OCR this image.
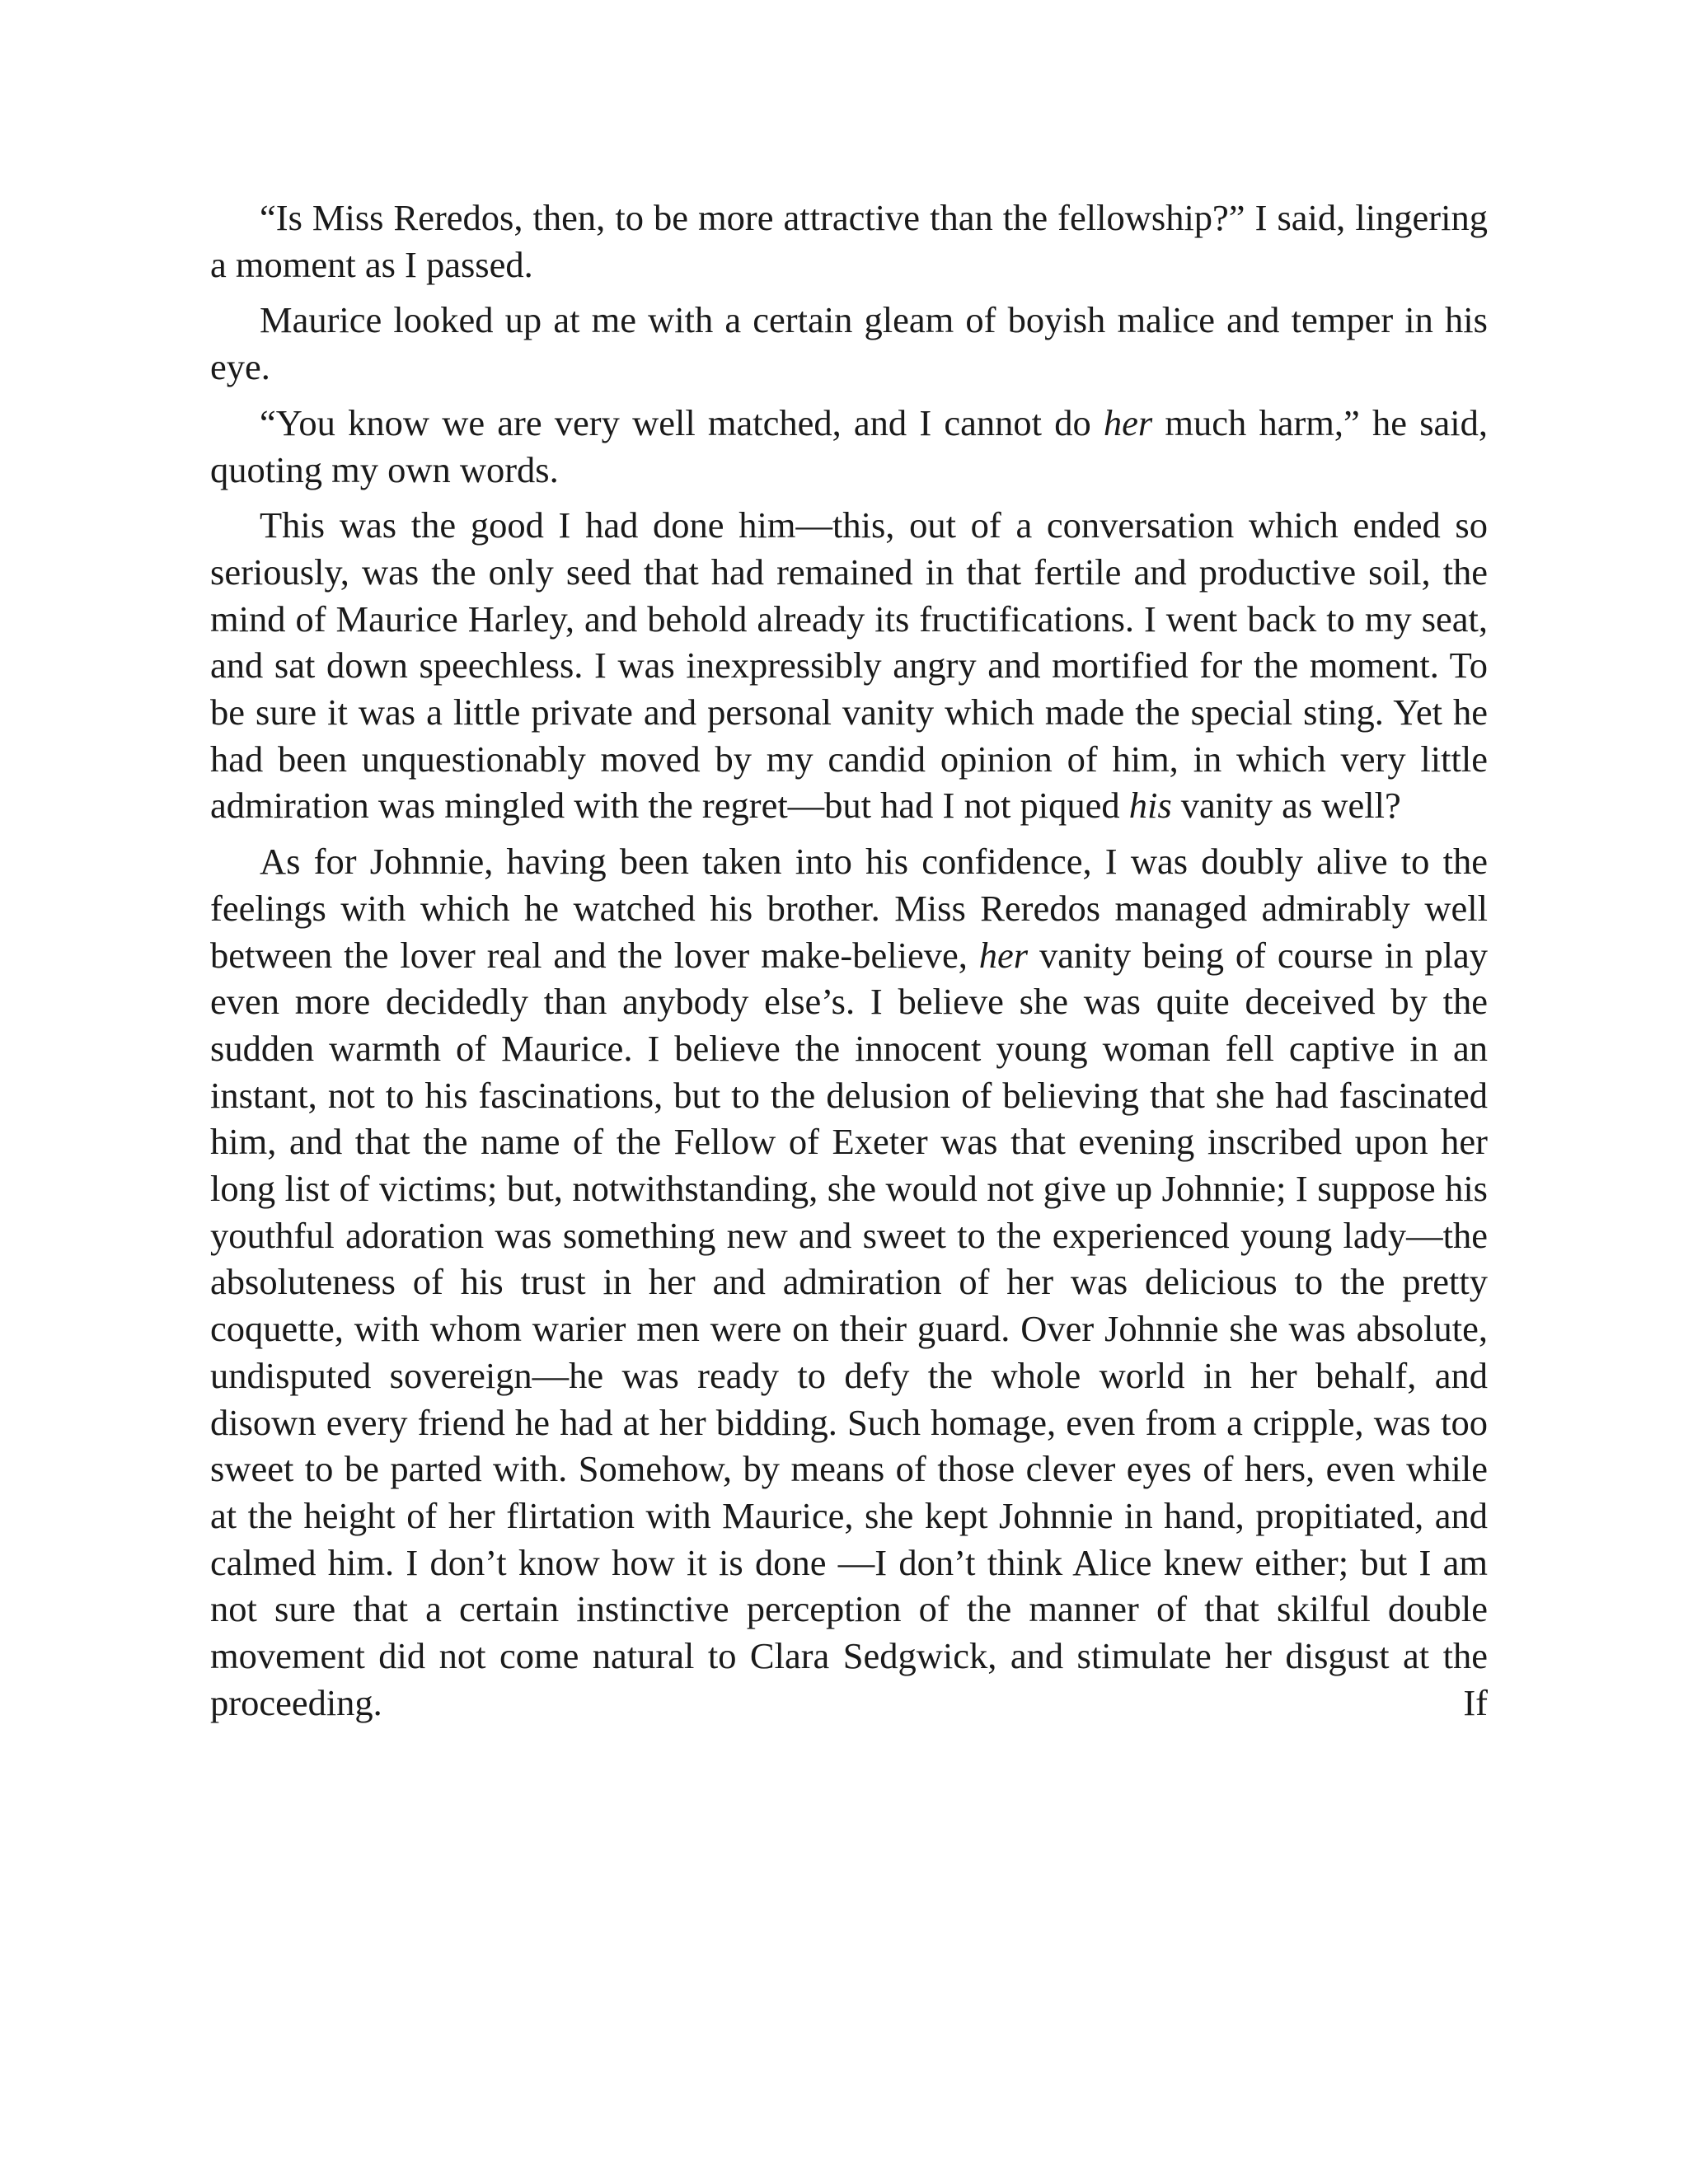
“Is Miss Reredos, then, to be more attractive than the fellowship?” I said, lingering a moment as I passed.

Maurice looked up at me with a certain gleam of boyish malice and temper in his eye.

“You know we are very well matched, and I cannot do her much harm,” he said, quoting my own words.

This was the good I had done him—this, out of a conversation which ended so seriously, was the only seed that had remained in that fertile and productive soil, the mind of Maurice Harley, and behold already its fructifications. I went back to my seat, and sat down speechless. I was inexpressibly angry and mortified for the moment. To be sure it was a little private and personal vanity which made the special sting. Yet he had been unquestionably moved by my candid opinion of him, in which very little admiration was mingled with the regret—but had I not piqued his vanity as well?

As for Johnnie, having been taken into his confidence, I was doubly alive to the feelings with which he watched his brother. Miss Reredos managed admirably well between the lover real and the lover make-believe, her vanity being of course in play even more decidedly than anybody else’s. I believe she was quite deceived by the sudden warmth of Maurice. I believe the innocent young woman fell captive in an instant, not to his fascinations, but to the delusion of believing that she had fascinated him, and that the name of the Fellow of Exeter was that evening inscribed upon her long list of victims; but, notwithstanding, she would not give up Johnnie; I suppose his youthful adoration was something new and sweet to the experienced young lady—the absoluteness of his trust in her and admiration of her was delicious to the pretty coquette, with whom warier men were on their guard. Over Johnnie she was absolute, undisputed sovereign—he was ready to defy the whole world in her behalf, and disown every friend he had at her bidding. Such homage, even from a cripple, was too sweet to be parted with. Somehow, by means of those clever eyes of hers, even while at the height of her flirtation with Maurice, she kept Johnnie in hand, propitiated, and calmed him. I don’t know how it is done —I don’t think Alice knew either; but I am not sure that a certain instinctive perception of the manner of that skilful double movement did not come natural to Clara Sedgwick, and stimulate her disgust at the proceeding. If
